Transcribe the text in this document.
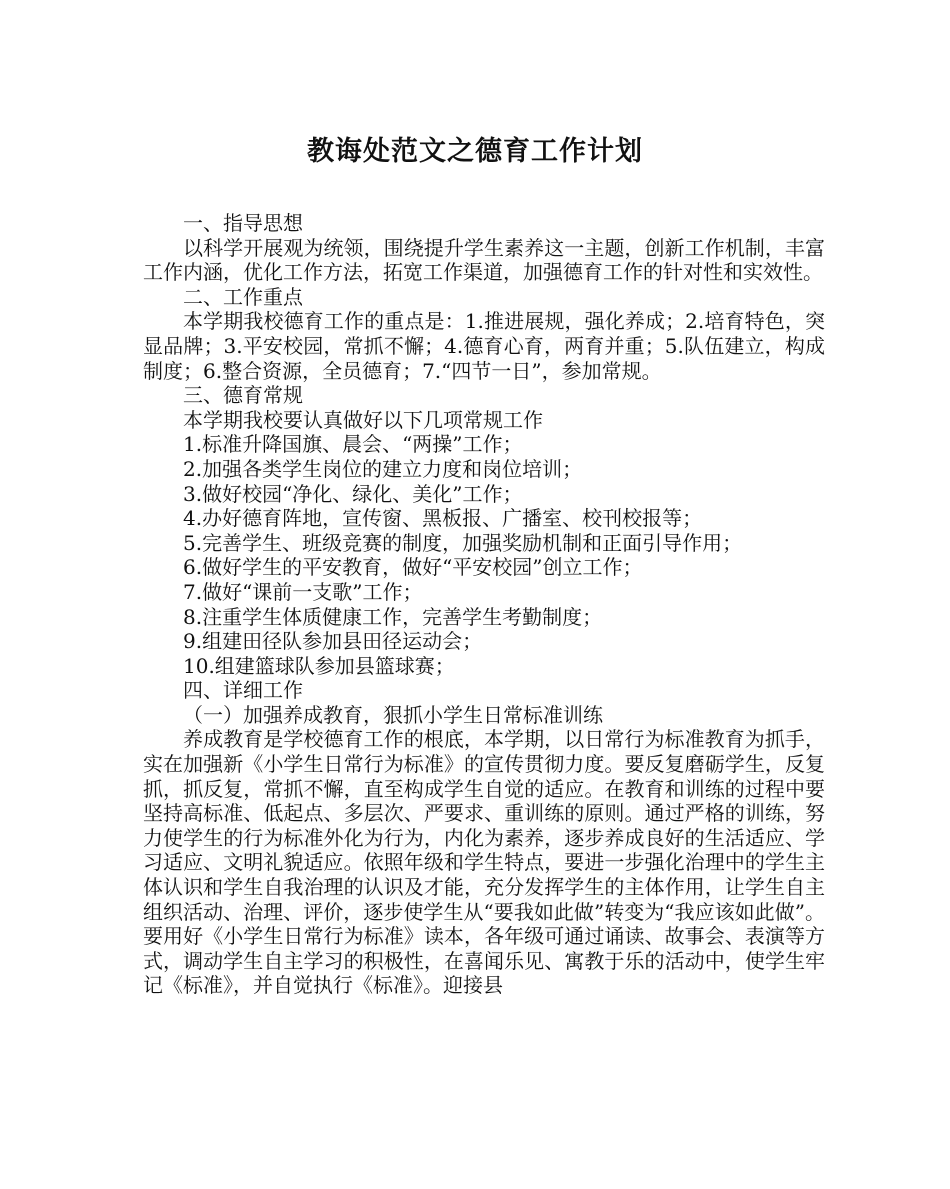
教诲处范文之德育工作计划

一、指导思想

以科学开展观为统领，围绕提升学生素养这一主题，创新工作机制，丰富工作内涵，优化工作方法，拓宽工作渠道，加强德育工作的针对性和实效性。

二、工作重点

本学期我校德育工作的重点是：1.推进展规，强化养成；2.培育特色，突显品牌；3.平安校园，常抓不懈；4.德育心育，两育并重；5.队伍建立，构成制度；6.整合资源，全员德育；7.“四节一日”，参加常规。

三、德育常规

本学期我校要认真做好以下几项常规工作

1.标准升降国旗、晨会、“两操”工作；

2.加强各类学生岗位的建立力度和岗位培训；

3.做好校园“净化、绿化、美化”工作；

4.办好德育阵地，宣传窗、黑板报、广播室、校刊校报等；

5.完善学生、班级竞赛的制度，加强奖励机制和正面引导作用；

6.做好学生的平安教育，做好“平安校园”创立工作；

7.做好“课前一支歌”工作；

8.注重学生体质健康工作，完善学生考勤制度；

9.组建田径队参加县田径运动会；

10.组建篮球队参加县篮球赛；

四、详细工作

（一）加强养成教育，狠抓小学生日常标准训练

养成教育是学校德育工作的根底，本学期，以日常行为标准教育为抓手，实在加强新《小学生日常行为标准》的宣传贯彻力度。要反复磨砺学生，反复抓，抓反复，常抓不懈，直至构成学生自觉的适应。在教育和训练的过程中要坚持高标准、低起点、多层次、严要求、重训练的原则。通过严格的训练，努力使学生的行为标准外化为行为，内化为素养，逐步养成良好的生活适应、学习适应、文明礼貌适应。依照年级和学生特点，要进一步强化治理中的学生主体认识和学生自我治理的认识及才能，充分发挥学生的主体作用，让学生自主组织活动、治理、评价，逐步使学生从“要我如此做”转变为“我应该如此做”。要用好《小学生日常行为标准》读本，各年级可通过诵读、故事会、表演等方式，调动学生自主学习的积极性，在喜闻乐见、寓教于乐的活动中，使学生牢记《标准》，并自觉执行《标准》。迎接县
